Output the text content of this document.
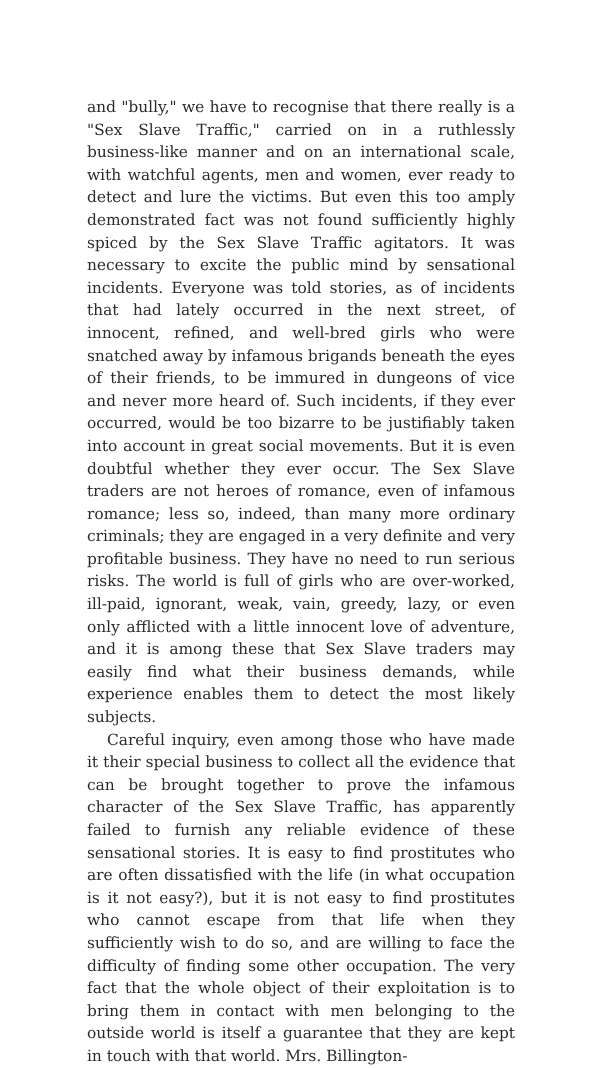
and "bully," we have to recognise that there really is a "Sex Slave Traffic," carried on in a ruthlessly business-like manner and on an international scale, with watchful agents, men and women, ever ready to detect and lure the victims. But even this too amply demonstrated fact was not found sufficiently highly spiced by the Sex Slave Traffic agitators. It was necessary to excite the public mind by sensational incidents. Everyone was told stories, as of incidents that had lately occurred in the next street, of innocent, refined, and well-bred girls who were snatched away by infamous brigands beneath the eyes of their friends, to be immured in dungeons of vice and never more heard of. Such incidents, if they ever occurred, would be too bizarre to be justifiably taken into account in great social movements. But it is even doubtful whether they ever occur. The Sex Slave traders are not heroes of romance, even of infamous romance; less so, indeed, than many more ordinary criminals; they are engaged in a very definite and very profitable business. They have no need to run serious risks. The world is full of girls who are over-worked, ill-paid, ignorant, weak, vain, greedy, lazy, or even only afflicted with a little innocent love of adventure, and it is among these that Sex Slave traders may easily find what their business demands, while experience enables them to detect the most likely subjects.

Careful inquiry, even among those who have made it their special business to collect all the evidence that can be brought together to prove the infamous character of the Sex Slave Traffic, has apparently failed to furnish any reliable evidence of these sensational stories. It is easy to find prostitutes who are often dissatisfied with the life (in what occupation is it not easy?), but it is not easy to find prostitutes who cannot escape from that life when they sufficiently wish to do so, and are willing to face the difficulty of finding some other occupation. The very fact that the whole object of their exploitation is to bring them in contact with men belonging to the outside world is itself a guarantee that they are kept in touch with that world. Mrs. Billington-
